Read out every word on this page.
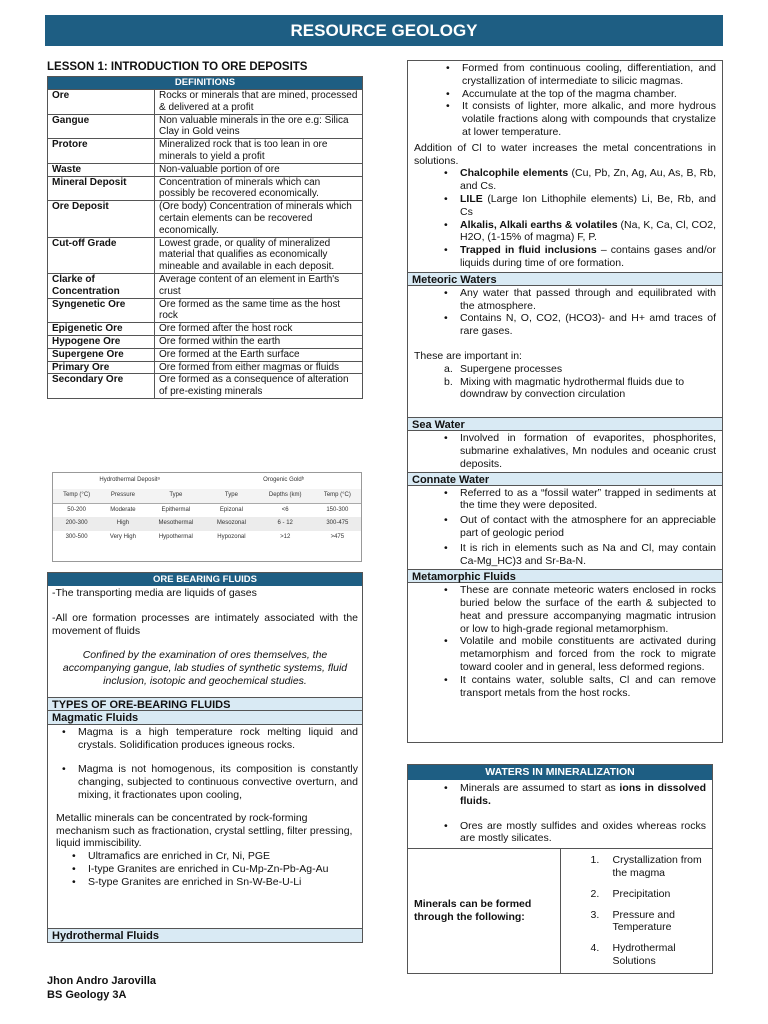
RESOURCE GEOLOGY
LESSON 1: INTRODUCTION TO ORE DEPOSITS
DEFINITIONS	
Ore	Rocks or minerals that are mined, processed & delivered at a profit
Gangue	Non valuable minerals in the ore e.g: Silica Clay in Gold veins
Protore	Mineralized rock that is too lean in ore minerals to yield a profit
Waste	Non-valuable portion of ore
Mineral Deposit	Concentration of minerals which can possibly be recovered economically.
Ore Deposit	(Ore body) Concentration of minerals which certain elements can be recovered economically.
Cut-off Grade	Lowest grade, or quality of mineralized material that qualifies as economically mineable and available in each deposit.
Clarke of Concentration	Average content of an element in Earth's crust
Syngenetic Ore	Ore formed as the same time as the host rock
Epigenetic Ore	Ore formed after the host rock
Hypogene Ore	Ore formed within the earth
Supergene Ore	Ore formed at the Earth surface
Primary Ore	Ore formed from either magmas or fluids
Secondary Ore	Ore formed as a consequence of alteration of pre-existing minerals
Hydrothermal Depositᵃ			Orogenic Goldᵇ		
Temp (°C)	Pressure	Type	Type	Depths (km)	Temp (°C)
50-200	Moderate	Epithermal	Epizonal	<6	150-300
200-300	High	Mesothermal	Mesozonal	6 - 12	300-475
300-500	Very High	Hypothermal	Hypozonal	>12	>475
ORE BEARING FLUIDS

-The transporting media are liquids of gases

-All ore formation processes are intimately associated with the movement of fluids

Confined by the examination of ores themselves, the accompanying gangue, lab studies of synthetic systems, fluid inclusion, isotopic and geochemical studies.

TYPES OF ORE-BEARING FLUIDS
Magmatic Fluids
• Magma is a high temperature rock melting liquid and crystals. Solidification produces igneous rocks.
• Magma is not homogenous, its composition is constantly changing, subjected to continuous convective overturn, and mixing, it fractionates upon cooling,

Metallic minerals can be concentrated by rock-forming mechanism such as fractionation, crystal settling, filter pressing, liquid immiscibility.

• Ultramafics are enriched in Cr, Ni, PGE
• I-type Granites are enriched in Cu-Mp-Zn-Pb-Ag-Au
• S-type Granites are enriched in Sn-W-Be-U-Li
Hydrothermal Fluids
• Formed from continuous cooling, differentiation, and crystallization of intermediate to silicic magmas.
• Accumulate at the top of the magma chamber.
• It consists of lighter, more alkalic, and more hydrous volatile fractions along with compounds that crystalize at lower temperature.

Addition of Cl to water increases the metal concentrations in solutions.

• Chalcophile elements (Cu, Pb, Zn, Ag, Au, As, B, Rb, and Cs.
• LILE (Large Ion Lithophile elements) Li, Be, Rb, and Cs
• Alkalis, Alkali earths & volatiles (Na, K, Ca, Cl, CO2, H2O, (1-15% of magma) F, P.
• Trapped in fluid inclusions – contains gases and/or liquids during time of ore formation.
Meteoric Waters
• Any water that passed through and equilibrated with the atmosphere.
• Contains N, O, CO2, (HCO3)- and H+ amd traces of rare gases.

These are important in:

a. Supergene processes
b. Mixing with magmatic hydrothermal fluids due to downdraw by convection circulation
Sea Water
• Involved in formation of evaporites, phosphorites, submarine exhalatives, Mn nodules and oceanic crust deposits.
Connate Water
• Referred to as a “fossil water” trapped in sediments at the time they were deposited.
• Out of contact with the atmosphere for an appreciable part of geologic period
• It is rich in elements such as Na and Cl, may contain Ca-Mg_HC)3 and Sr-Ba-N.
Metamorphic Fluids
• These are connate meteoric waters enclosed in rocks buried below the surface of the earth & subjected to heat and pressure accompanying magmatic intrusion or low to high-grade regional metamorphism.
• Volatile and mobile constituents are activated during metamorphism and forced from the rock to migrate toward cooler and in general, less deformed regions.
• It contains water, soluble salts, Cl and can remove transport metals from the host rocks.
WATERS IN MINERALIZATION
• Minerals are assumed to start as ions in dissolved fluids.
• Ores are mostly sulfides and oxides whereas rocks are mostly silicates.
Minerals can be formed through the following:	
1. Crystallization from the magma
2. Precipitation
3. Pressure and Temperature
4. Hydrothermal Solutions
Jhon Andro Jarovilla
BS Geology 3A
